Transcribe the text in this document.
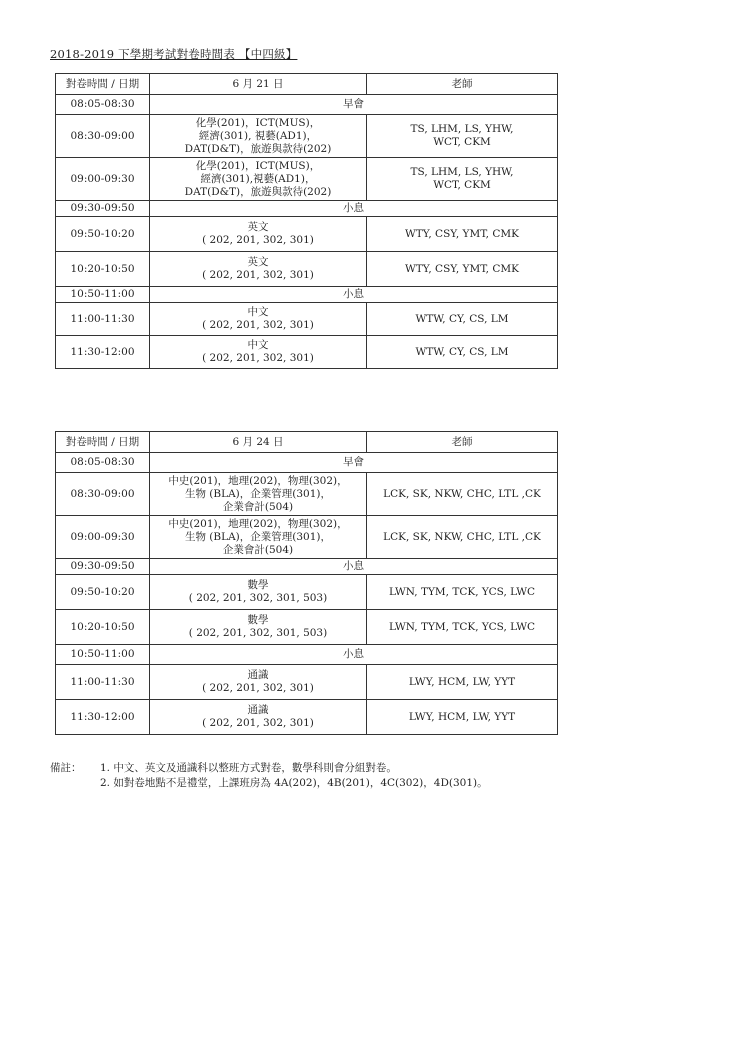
2018-2019 下學期考試對卷時間表 【中四級】
對卷時間 / 日期	6 月 21 日	老師
08:05-08:30	早會	
08:30-09:00	化學(201)，ICT(MUS)，
經濟(301), 視藝(AD1)，
DAT(D&T)，旅遊與款待(202)	TS, LHM, LS, YHW,
WCT, CKM
09:00-09:30	化學(201)，ICT(MUS)，
經濟(301),視藝(AD1)，
DAT(D&T)，旅遊與款待(202)	TS, LHM, LS, YHW,
WCT, CKM
09:30-09:50	小息	
09:50-10:20	英文
( 202, 201, 302, 301)	WTY, CSY, YMT, CMK
10:20-10:50	英文
( 202, 201, 302, 301)	WTY, CSY, YMT, CMK
10:50-11:00	小息	
11:00-11:30	中文
( 202, 201, 302, 301)	WTW, CY, CS, LM
11:30-12:00	中文
( 202, 201, 302, 301)	WTW, CY, CS, LM
對卷時間 / 日期	6 月 24 日	老師
08:05-08:30	早會	
08:30-09:00	中史(201)，地理(202)，物理(302)，
生物 (BLA)，企業管理(301)，
企業會計(504)	LCK, SK, NKW, CHC, LTL ,CK
09:00-09:30	中史(201)，地理(202)，物理(302)，
生物 (BLA)，企業管理(301)，
企業會計(504)	LCK, SK, NKW, CHC, LTL ,CK
09:30-09:50	小息	
09:50-10:20	數學
( 202, 201, 302, 301, 503)	LWN, TYM, TCK, YCS, LWC
10:20-10:50	數學
( 202, 201, 302, 301, 503)	LWN, TYM, TCK, YCS, LWC
10:50-11:00	小息	
11:00-11:30	通識
( 202, 201, 302, 301)	LWY, HCM, LW, YYT
11:30-12:00	通識
( 202, 201, 302, 301)	LWY, HCM, LW, YYT
備註：	1. 中文、英文及通識科以整班方式對卷，數學科則會分組對卷。
2. 如對卷地點不是禮堂，上課班房為 4A(202)，4B(201)，4C(302)，4D(301)。
